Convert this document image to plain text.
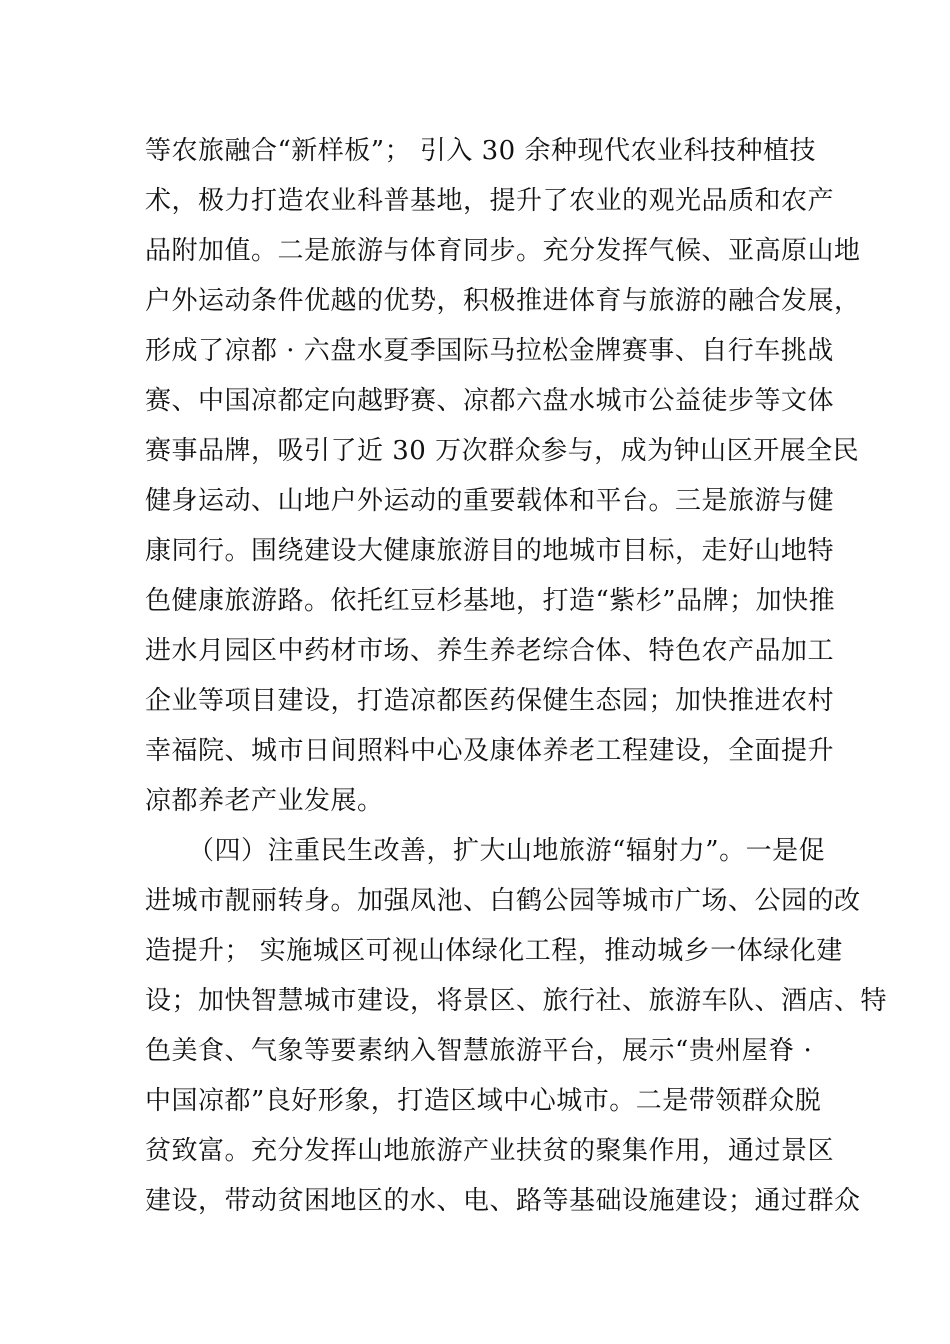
等农旅融合“新样板”； 引入 30 余种现代农业科技种植技
术，极力打造农业科普基地，提升了农业的观光品质和农产
品附加值。二是旅游与体育同步。充分发挥气候、亚高原山地
户外运动条件优越的优势，积极推进体育与旅游的融合发展，
形成了凉都 · 六盘水夏季国际马拉松金牌赛事、自行车挑战
赛、中国凉都定向越野赛、凉都六盘水城市公益徒步等文体
赛事品牌，吸引了近 30 万次群众参与，成为钟山区开展全民
健身运动、山地户外运动的重要载体和平台。三是旅游与健
康同行。围绕建设大健康旅游目的地城市目标，走好山地特
色健康旅游路。依托红豆杉基地，打造“紫杉”品牌；加快推
进水月园区中药材市场、养生养老综合体、特色农产品加工
企业等项目建设，打造凉都医药保健生态园；加快推进农村
幸福院、城市日间照料中心及康体养老工程建设，全面提升
凉都养老产业发展。
（四）注重民生改善，扩大山地旅游“辐射力”。一是促
进城市靓丽转身。加强凤池、白鹤公园等城市广场、公园的改
造提升； 实施城区可视山体绿化工程，推动城乡一体绿化建
设；加快智慧城市建设，将景区、旅行社、旅游车队、酒店、特
色美食、气象等要素纳入智慧旅游平台，展示“贵州屋脊 ·
中国凉都”良好形象，打造区域中心城市。二是带领群众脱
贫致富。充分发挥山地旅游产业扶贫的聚集作用，通过景区
建设，带动贫困地区的水、电、路等基础设施建设；通过群众
